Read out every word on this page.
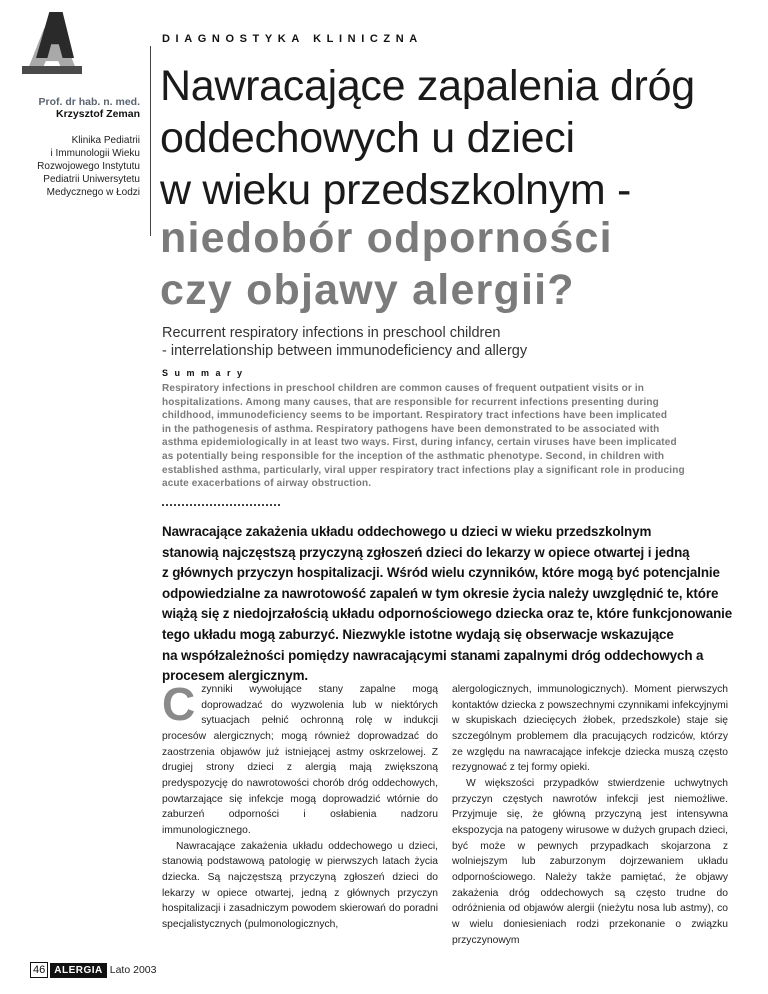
DIAGNOSTYKA KLINICZNA
Prof. dr hab. n. med.
Krzysztof Zeman
Klinika Pediatrii
i Immunologii Wieku
Rozwojowego Instytutu
Pediatrii Uniwersytetu
Medycznego w Łodzi
Nawracające zapalenia dróg
oddechowych u dzieci
w wieku przedszkolnym -
niedobór odporności
czy objawy alergii?
Recurrent respiratory infections in preschool children
- interrelationship between immunodeficiency and allergy
Summary
Respiratory infections in preschool children are common causes of frequent outpatient visits or in
hospitalizations. Among many causes, that are responsible for recurrent infections presenting during
childhood, immunodeficiency seems to be important. Respiratory tract infections have been implicated
in the pathogenesis of asthma. Respiratory pathogens have been demonstrated to be associated with
asthma epidemiologically in at least two ways. First, during infancy, certain viruses have been implicated
as potentially being responsible for the inception of the asthmatic phenotype. Second, in children with
established asthma, particularly, viral upper respiratory tract infections play a significant role in producing
acute exacerbations of airway obstruction.
Nawracające zakażenia układu oddechowego u dzieci w wieku przedszkolnym
stanowią najczęstszą przyczyną zgłoszeń dzieci do lekarzy w opiece otwartej i jedną
z głównych przyczyn hospitalizacji. Wśród wielu czynników, które mogą być potencjalnie
odpowiedzialne za nawrotowość zapaleń w tym okresie życia należy uwzględnić te, które
wiążą się z niedojrzałością układu odpornościowego dziecka oraz te, które funkcjonowanie
tego układu mogą zaburzyć. Niezwykle istotne wydają się obserwacje wskazujące
na współzależności pomiędzy nawracającymi stanami zapalnymi dróg oddechowych a
procesem alergicznym.

Czynniki wywołujące stany zapalne mogą doprowadzać do wyzwolenia lub w niektórych sytuacjach pełnić ochronną rolę w indukcji procesów alergicznych; mogą również doprowadzać do zaostrzenia objawów już istniejącej astmy oskrzelowej. Z drugiej strony dzieci z alergią mają zwiększoną predyspozycję do nawrotowości chorób dróg oddechowych, powtarzające się infekcje mogą doprowadzić wtórnie do zaburzeń odporności i osłabienia nadzoru immunologicznego.

Nawracające zakażenia układu oddechowego u dzieci, stanowią podstawową patologię w pierwszych latach życia dziecka. Są najczęstszą przyczyną zgłoszeń dzieci do lekarzy w opiece otwartej, jedną z głównych przyczyn hospitalizacji i zasadniczym powodem skierowań do poradni specjalistycznych (pulmonologicznych,

alergologicznych, immunologicznych). Moment pierwszych kontaktów dziecka z powszechnymi czynnikami infekcyjnymi w skupiskach dziecięcych żłobek, przedszkole) staje się szczególnym problemem dla pracujących rodziców, którzy ze względu na nawracające infekcje dziecka muszą często rezygnować z tej formy opieki.

W większości przypadków stwierdzenie uchwytnych przyczyn częstych nawrotów infekcji jest niemożliwe. Przyjmuje się, że główną przyczyną jest intensywna ekspozycja na patogeny wirusowe w dużych grupach dzieci, być może w pewnych przypadkach skojarzona z wolniejszym lub zaburzonym dojrzewaniem układu odpornościowego. Należy także pamiętać, że objawy zakażenia dróg oddechowych są często trudne do odróżnienia od objawów alergii (nieżytu nosa lub astmy), co w wielu doniesieniach rodzi przekonanie o związku przyczynowym

46 ALERGIA Lato 2003
